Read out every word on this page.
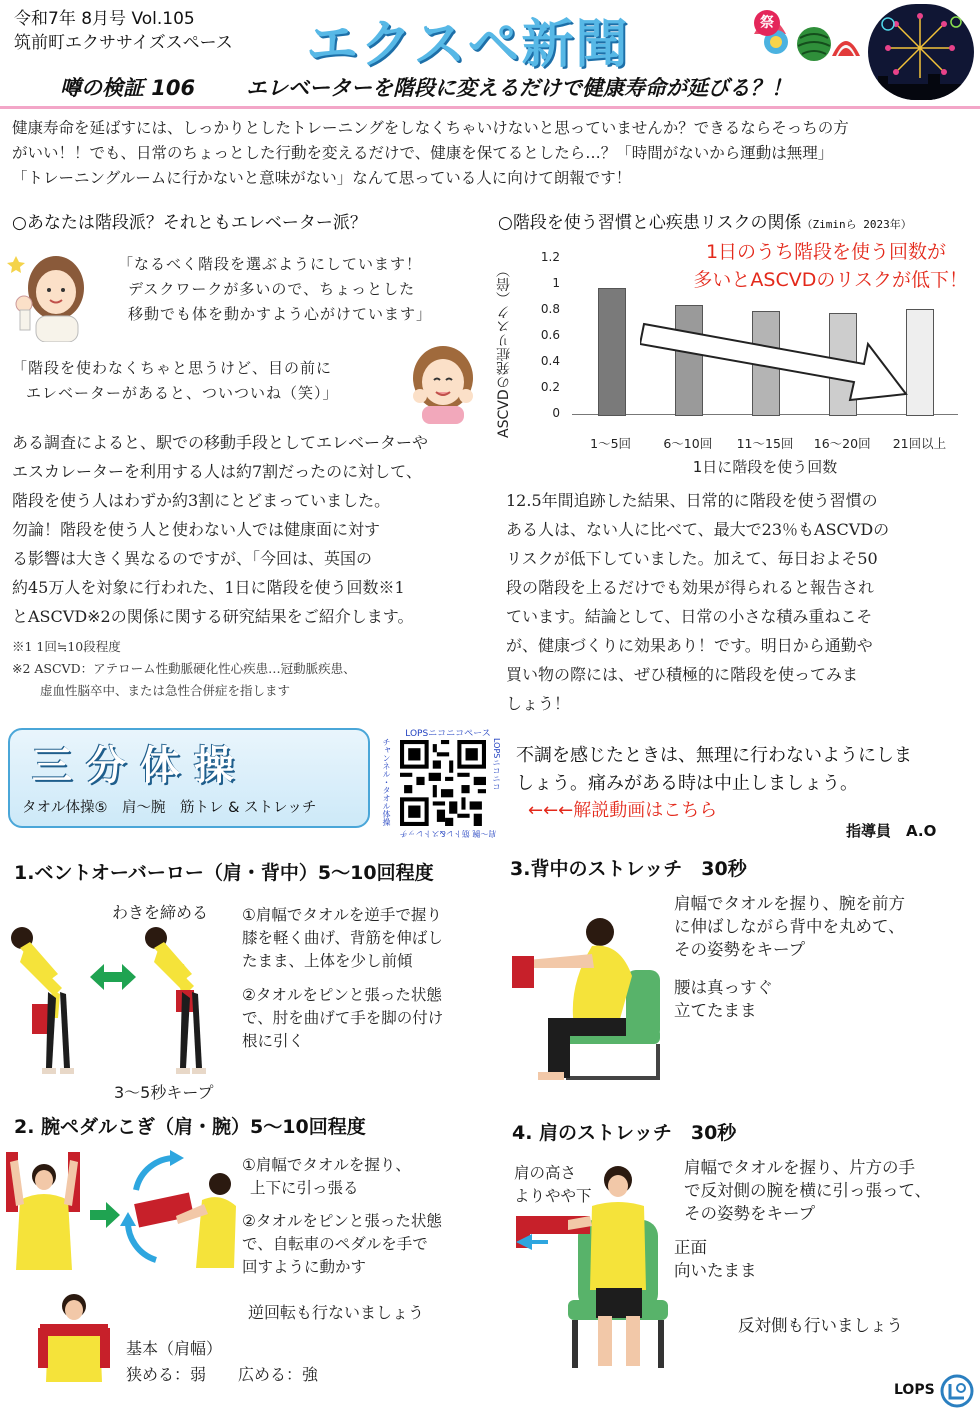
令和7年 8月号 Vol.105
筑前町エクササイズスペース エクスペ新聞	祭
噂の検証 106 エレベーターを階段に変えるだけで健康寿命が延びる？！
健康寿命を延ばすには、しっかりとしたトレーニングをしなくちゃいけないと思っていませんか？できるならそっちの方
がいい！！でも、日常のちょっとした行動を変えるだけで、健康を保てるとしたら…？「時間がないから運動は無理」
「トレーニングルームに行かないと意味がない」なんて思っている人に向けて朗報です！
○あなたは階段派？それともエレベーター派？
「なるべく階段を選ぶようにしています！
デスクワークが多いので、ちょっとした
移動でも体を動かすよう心がけています」
「階段を使わなくちゃと思うけど、目の前に
エレベーターがあると、ついついね（笑）」
ある調査によると、駅での移動手段としてエレベーターや
エスカレーターを利用する人は約7割だったのに対して、
階段を使う人はわずか約3割にとどまっていました。
勿論！階段を使う人と使わない人では健康面に対す
る影響は大きく異なるのですが、「今回は、英国の
約45万人を対象に行われた、1日に階段を使う回数※1
とASCVD※2の関係に関する研究結果をご紹介します。
※1 1回≒10段程度
※2 ASCVD：アテローム性動脈硬化性心疾患…冠動脈疾患、
虚血性脳卒中、または急性合併症を指します
○階段を使う習慣と心疾患リスクの関係（Ziminら 2023年）
ASCVDの発症リスク（倍）	0
0.2
0.4
0.6
0.8
1
1.2
1～5回	6～10回	11～15回	16～20回	21回以上
1日に階段を使う回数
1日のうち階段を使う回数が
多いとASCVDのリスクが低下！
12.5年間追跡した結果、日常的に階段を使う習慣の
ある人は、ない人に比べて、最大で23％もASCVDの
リスクが低下していました。加えて、毎日およそ50
段の階段を上るだけでも効果が得られると報告され
ています。結論として、日常の小さな積み重ねこそ
が、健康づくりに効果あり！です。明日から通勤や
買い物の際には、ぜひ積極的に階段を使ってみま
しょう！
三分体操
タオル体操⑤　肩～腕　筋トレ & ストレッチ
LOPSニコニコペース
チャンネル・タオル体操	LOPSニコニコ
肩～腕 筋トレ&ストレッチ
不調を感じたときは、無理に行わないようにしま
しょう。痛みがある時は中止しましょう。
←←←解説動画はこちら
指導員　A.O
1.ベントオーバーロー（肩・背中）5～10回程度
わきを締める ①肩幅でタオルを逆手で握り
膝を軽く曲げ、背筋を伸ばし
たまま、上体を少し前傾
②タオルをピンと張った状態
で、肘を曲げて手を脚の付け
根に引く
3～5秒キープ
2. 腕ペダルこぎ（肩・腕）5～10回程度
①肩幅でタオルを握り、
上下に引っ張る
②タオルをピンと張った状態
で、自転車のペダルを手で
回すように動かす
逆回転も行ないましょう
基本（肩幅）
狭める：弱　　広める：強
3.背中のストレッチ　30秒
肩幅でタオルを握り、腕を前方
に伸ばしながら背中を丸めて、
その姿勢をキープ
腰は真っすぐ
立てたまま
4. 肩のストレッチ　30秒
肩の高さ
よりやや下
肩幅でタオルを握り、片方の手
で反対側の腕を横に引っ張って、
その姿勢をキープ
正面
向いたまま
反対側も行いましょう
LOPS
